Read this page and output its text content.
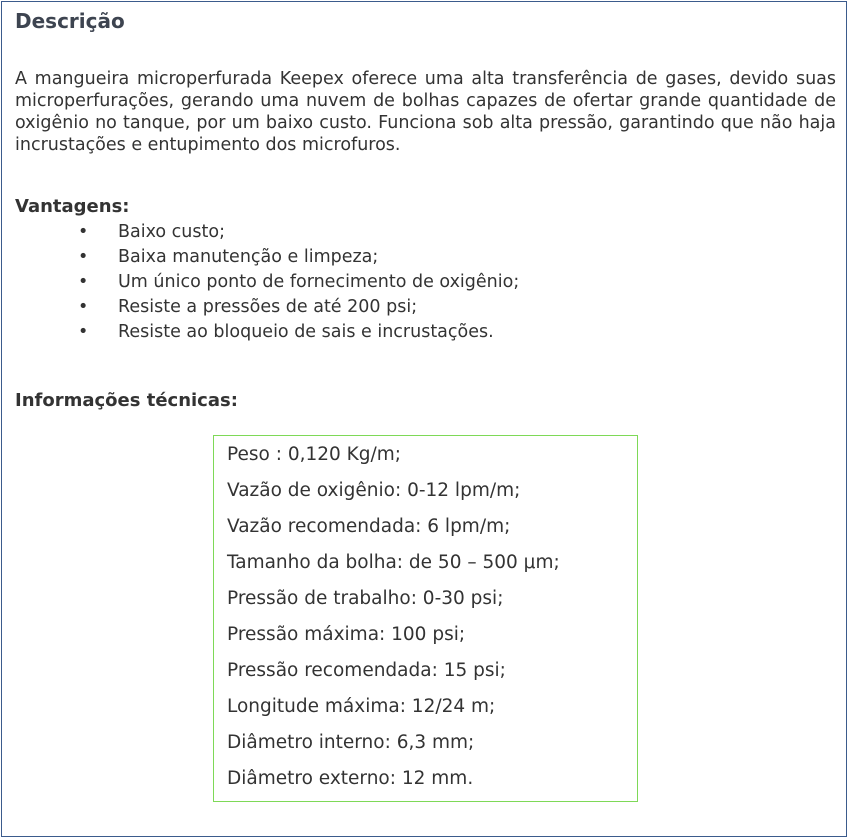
Descrição

A mangueira microperfurada Keepex oferece uma alta transferência de gases, devido suas microperfurações, gerando uma nuvem de bolhas capazes de ofertar grande quantidade de oxigênio no tanque, por um baixo custo. Funciona sob alta pressão, garantindo que não haja incrustações e entupimento dos microfuros.

Vantagens:
• Baixo custo;
• Baixa manutenção e limpeza;
• Um único ponto de fornecimento de oxigênio;
• Resiste a pressões de até 200 psi;
• Resiste ao bloqueio de sais e incrustações.
Informações técnicas:
Peso : 0,120 Kg/m;
Vazão de oxigênio: 0-12 lpm/m;
Vazão recomendada: 6 lpm/m;
Tamanho da bolha: de 50 – 500 μm;
Pressão de trabalho: 0-30 psi;
Pressão máxima: 100 psi;
Pressão recomendada: 15 psi;
Longitude máxima: 12/24 m;
Diâmetro interno: 6,3 mm;
Diâmetro externo: 12 mm.
